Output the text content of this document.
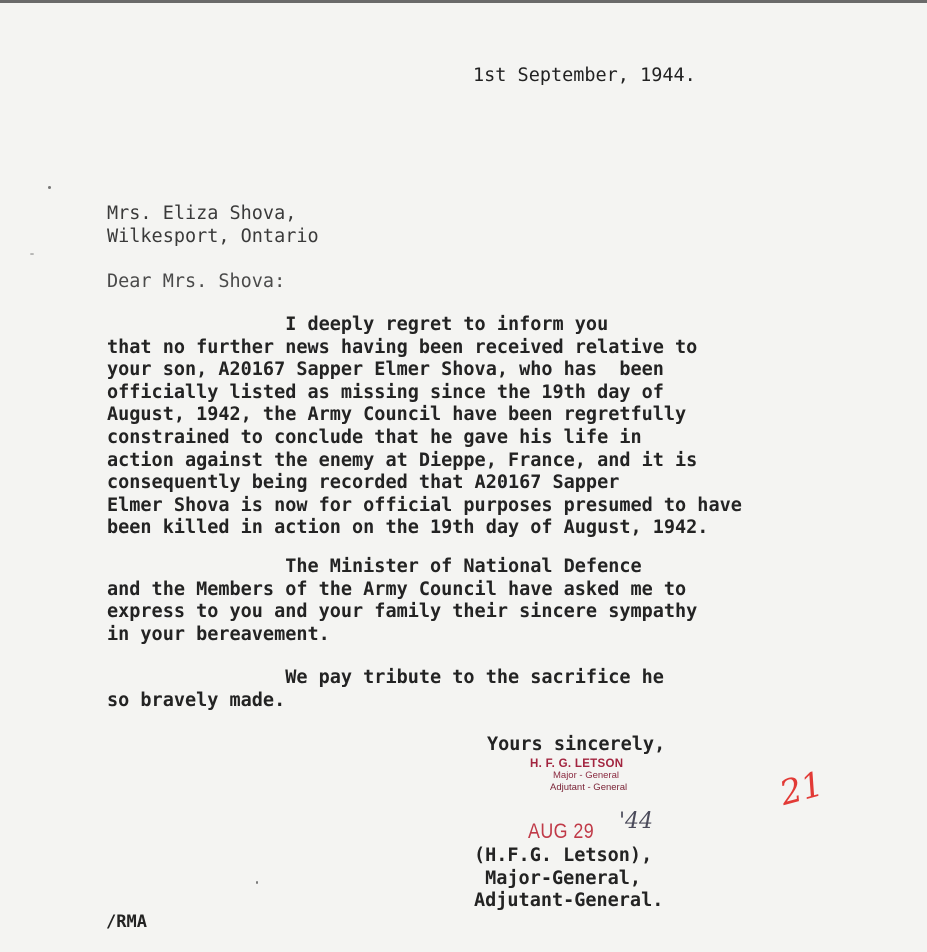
1st September, 1944.
Mrs. Eliza Shova,
Wilkesport, Ontario
Dear Mrs. Shova:
I deeply regret to inform you
that no further news having been received relative to
your son, A20167 Sapper Elmer Shova, who has  been
officially listed as missing since the 19th day of
August, 1942, the Army Council have been regretfully
constrained to conclude that he gave his life in
action against the enemy at Dieppe, France, and it is
consequently being recorded that A20167 Sapper
Elmer Shova is now for official purposes presumed to have
been killed in action on the 19th day of August, 1942.
The Minister of National Defence
and the Members of the Army Council have asked me to
express to you and your family their sincere sympathy
in your bereavement.
We pay tribute to the sacrifice he
so bravely made.
Yours sincerely,
H. F. G. LETSON
Major - General
Adjutant - General	21
AUG 29 '44
(H.F.G. Letson),
Major-General,
Adjutant-General.
/RMA
